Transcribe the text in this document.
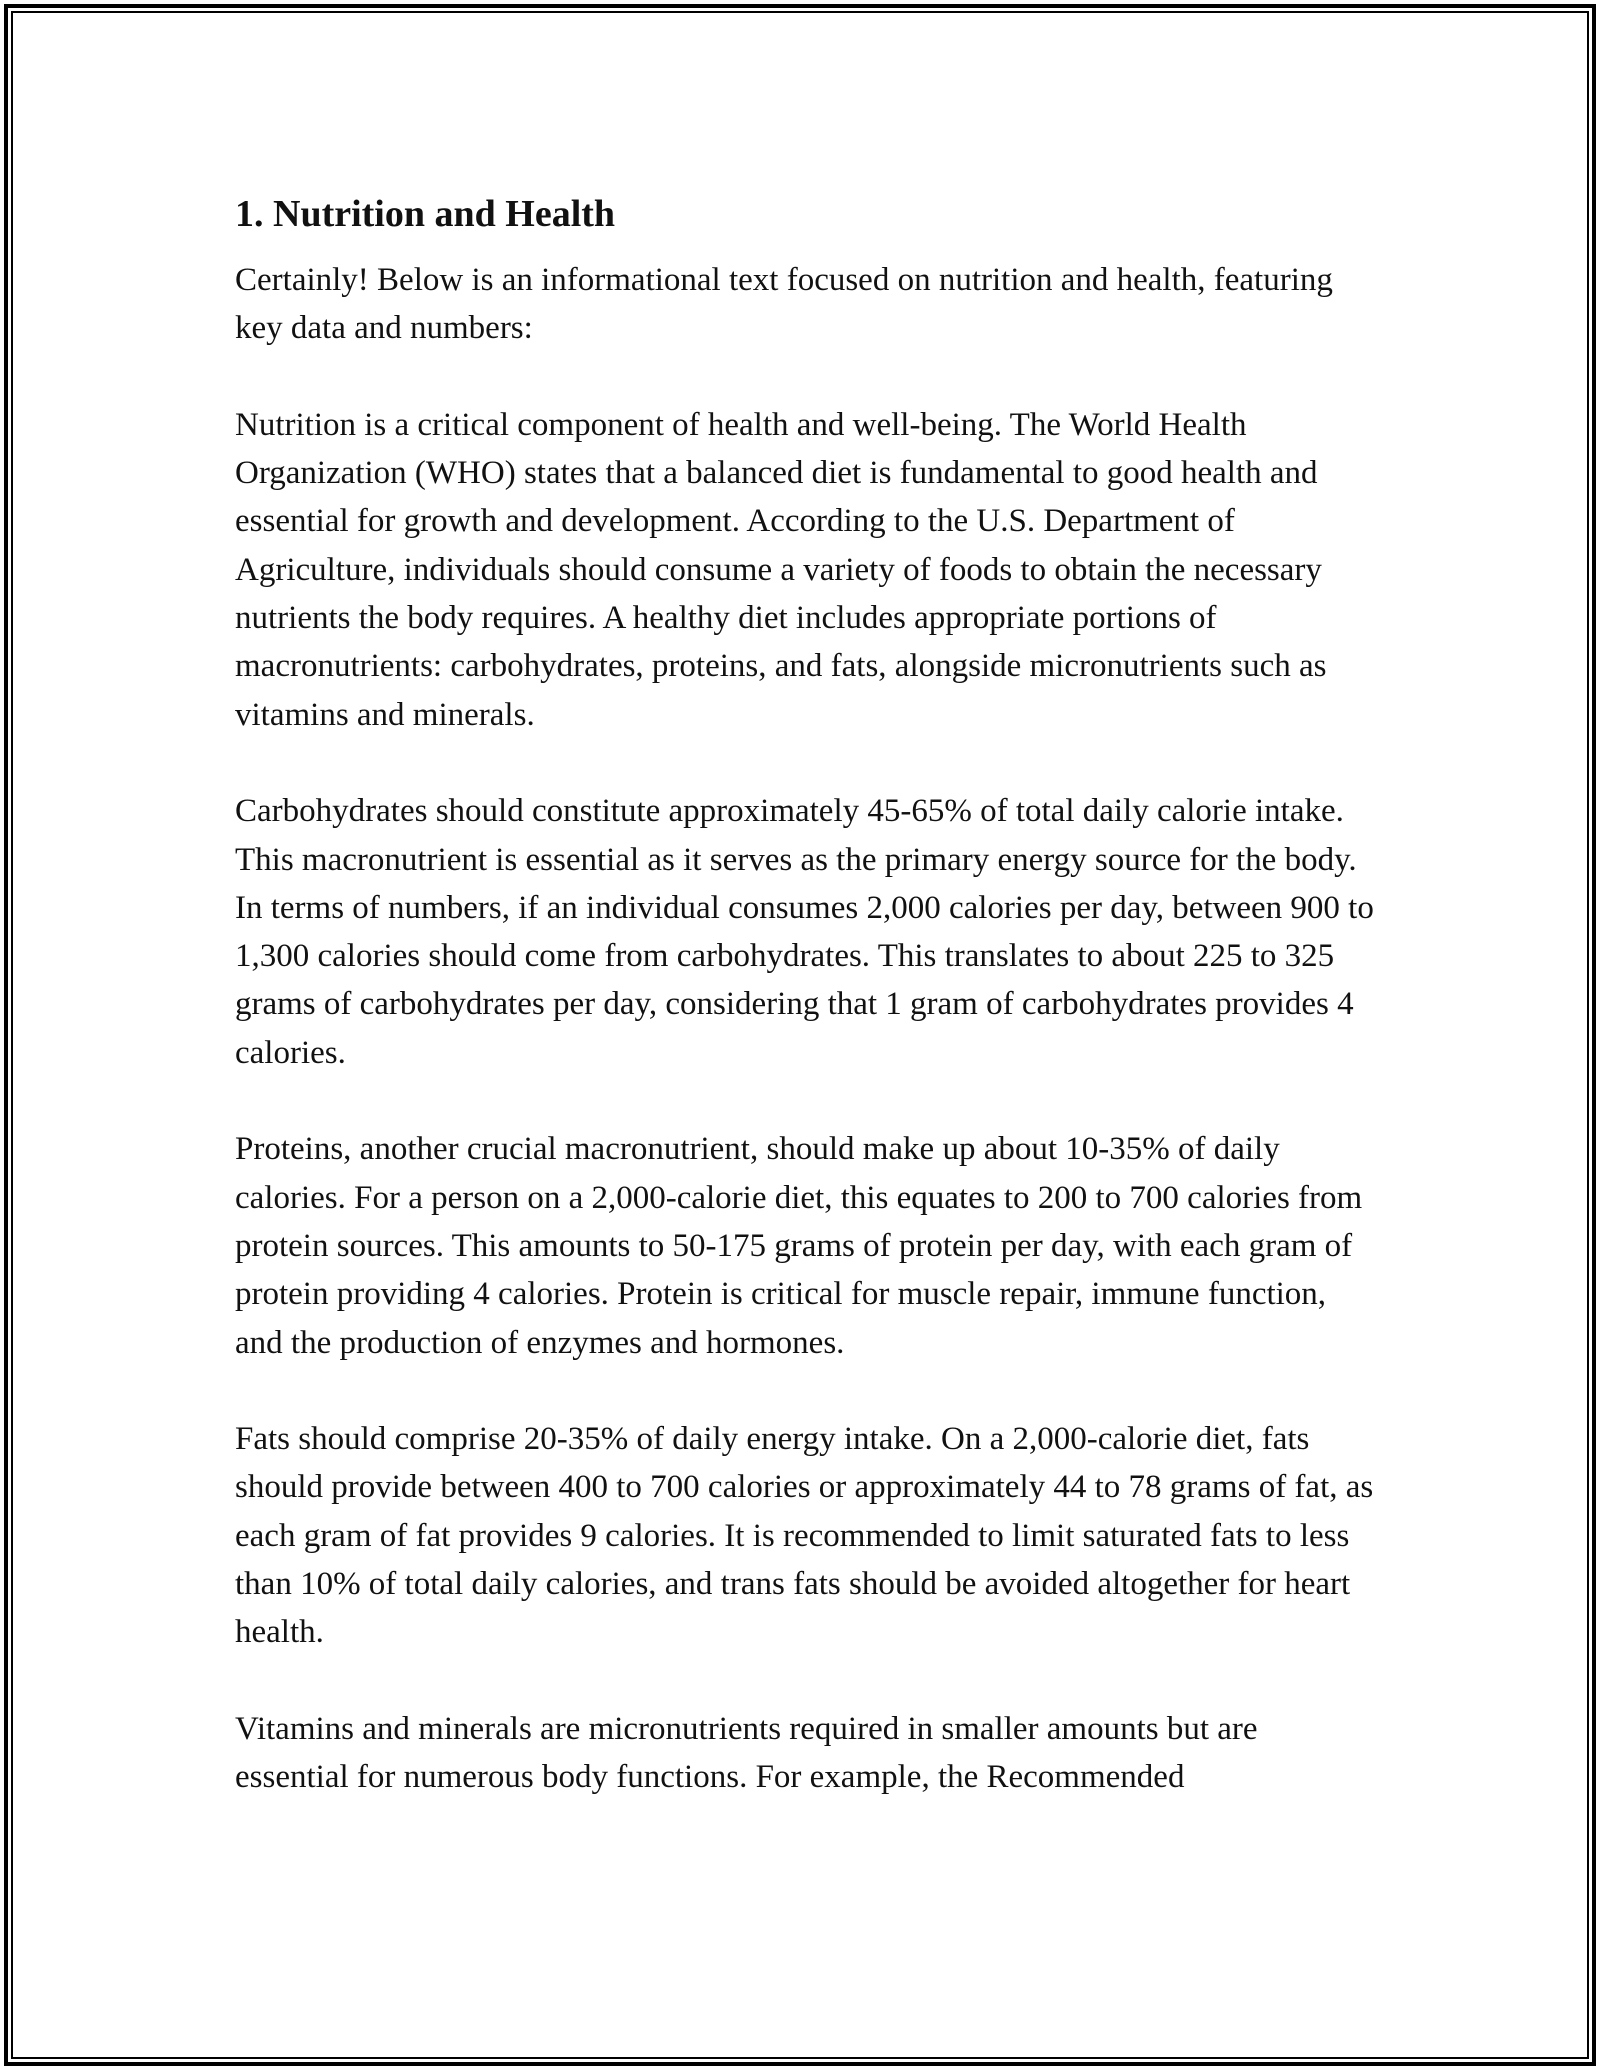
1. Nutrition and Health

Certainly! Below is an informational text focused on nutrition and health, featuring key data and numbers:

Nutrition is a critical component of health and well-being. The World Health Organization (WHO) states that a balanced diet is fundamental to good health and essential for growth and development. According to the U.S. Department of Agriculture, individuals should consume a variety of foods to obtain the necessary nutrients the body requires. A healthy diet includes appropriate portions of macronutrients: carbohydrates, proteins, and fats, alongside micronutrients such as vitamins and minerals.

Carbohydrates should constitute approximately 45-65% of total daily calorie intake. This macronutrient is essential as it serves as the primary energy source for the body. In terms of numbers, if an individual consumes 2,000 calories per day, between 900 to 1,300 calories should come from carbohydrates. This translates to about 225 to 325 grams of carbohydrates per day, considering that 1 gram of carbohydrates provides 4 calories.

Proteins, another crucial macronutrient, should make up about 10-35% of daily calories. For a person on a 2,000-calorie diet, this equates to 200 to 700 calories from protein sources. This amounts to 50-175 grams of protein per day, with each gram of protein providing 4 calories. Protein is critical for muscle repair, immune function, and the production of enzymes and hormones.

Fats should comprise 20-35% of daily energy intake. On a 2,000-calorie diet, fats should provide between 400 to 700 calories or approximately 44 to 78 grams of fat, as each gram of fat provides 9 calories. It is recommended to limit saturated fats to less than 10% of total daily calories, and trans fats should be avoided altogether for heart health.

Vitamins and minerals are micronutrients required in smaller amounts but are essential for numerous body functions. For example, the Recommended
